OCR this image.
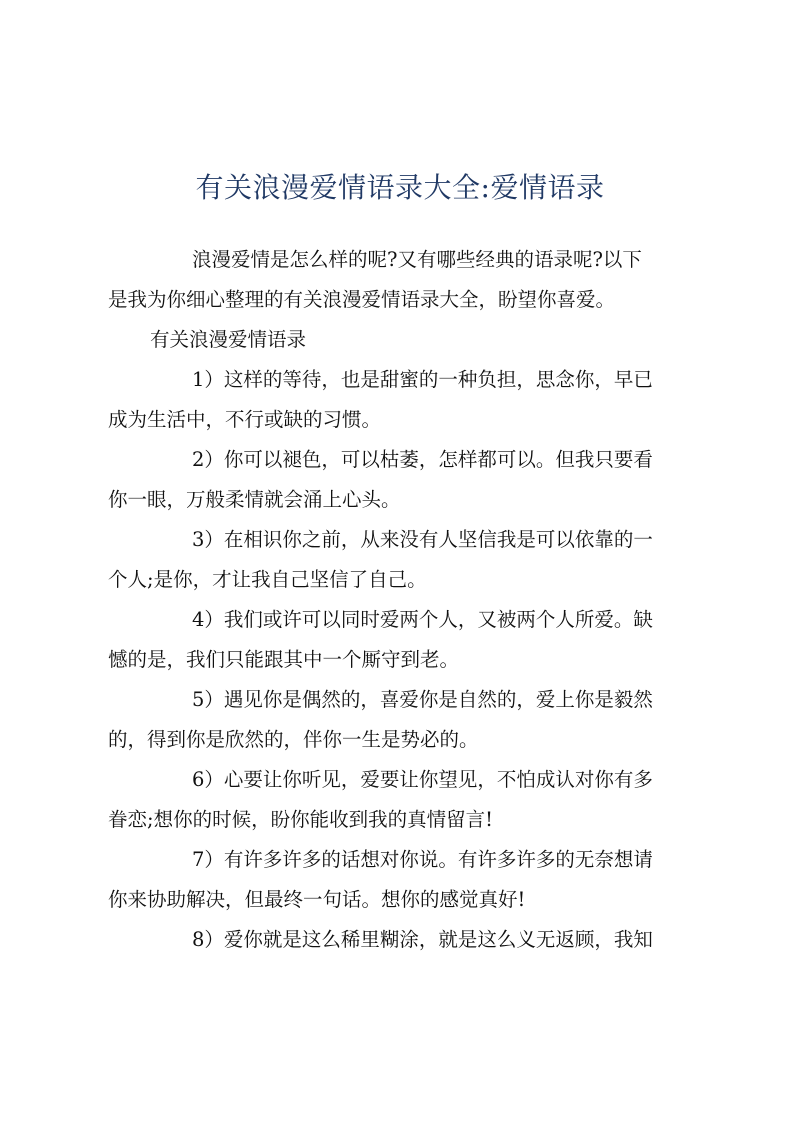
有关浪漫爱情语录大全:爱情语录

浪漫爱情是怎么样的呢?又有哪些经典的语录呢?以下
是我为你细心整理的有关浪漫爱情语录大全，盼望你喜爱。

有关浪漫爱情语录

1）这样的等待，也是甜蜜的一种负担，思念你，早已
成为生活中，不行或缺的习惯。

2）你可以褪色，可以枯萎，怎样都可以。但我只要看
你一眼，万般柔情就会涌上心头。

3）在相识你之前，从来没有人坚信我是可以依靠的一
个人;是你，才让我自己坚信了自己。

4）我们或许可以同时爱两个人，又被两个人所爱。缺
憾的是，我们只能跟其中一个厮守到老。

5）遇见你是偶然的，喜爱你是自然的，爱上你是毅然
的，得到你是欣然的，伴你一生是势必的。

6）心要让你听见，爱要让你望见，不怕成认对你有多
眷恋;想你的时候，盼你能收到我的真情留言!

7）有许多许多的话想对你说。有许多许多的无奈想请
你来协助解决，但最终一句话。想你的感觉真好!

8）爱你就是这么稀里糊涂，就是这么义无返顾，我知
